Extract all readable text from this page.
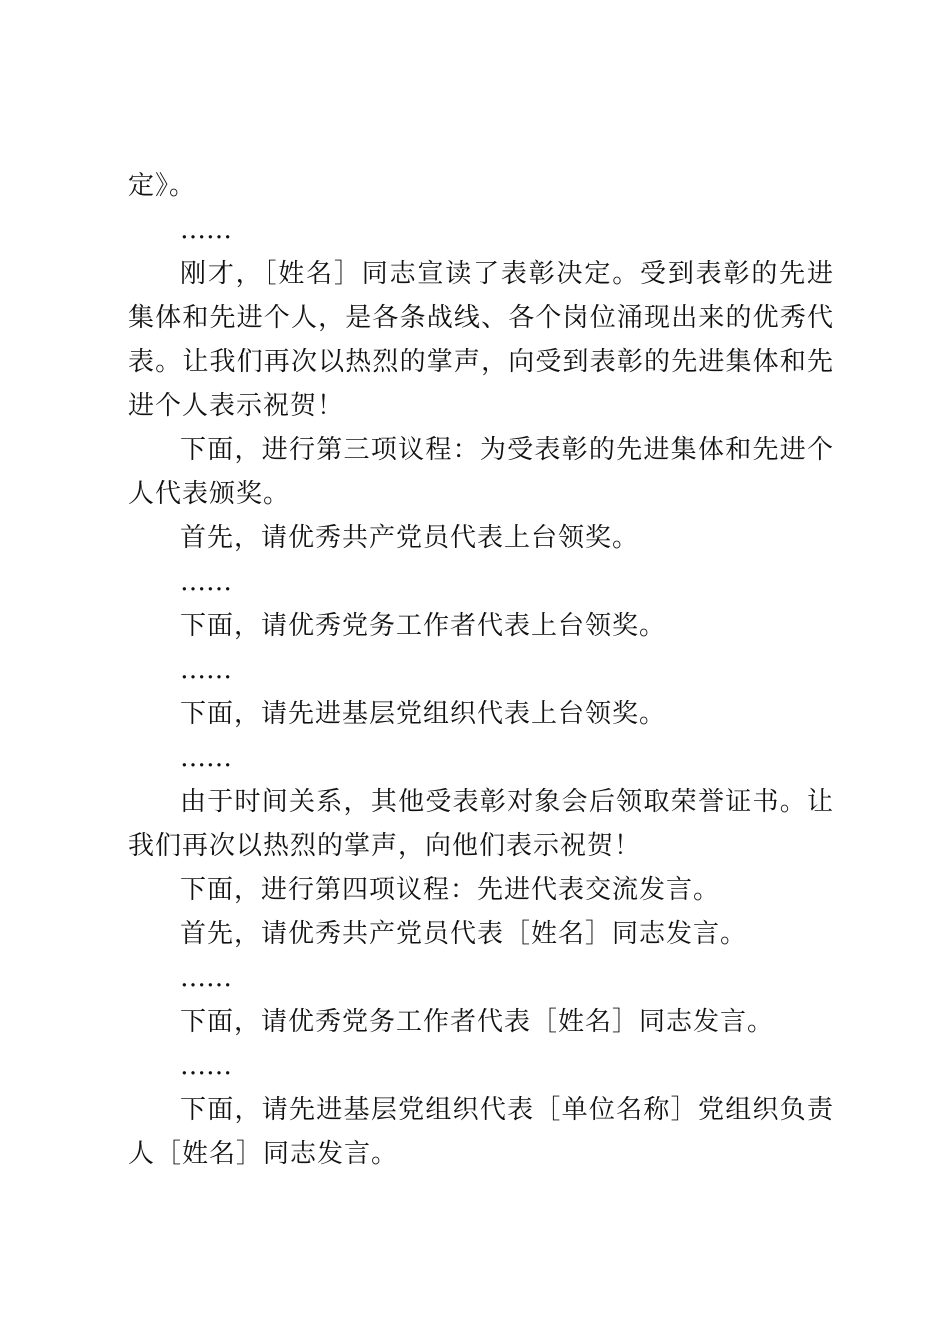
定》。

……

刚才，［姓名］同志宣读了表彰决定。受到表彰的先进集体和先进个人，是各条战线、各个岗位涌现出来的优秀代表。让我们再次以热烈的掌声，向受到表彰的先进集体和先进个人表示祝贺！

下面，进行第三项议程：为受表彰的先进集体和先进个人代表颁奖。

首先，请优秀共产党员代表上台领奖。

……

下面，请优秀党务工作者代表上台领奖。

……

下面，请先进基层党组织代表上台领奖。

……

由于时间关系，其他受表彰对象会后领取荣誉证书。让我们再次以热烈的掌声，向他们表示祝贺！

下面，进行第四项议程：先进代表交流发言。

首先，请优秀共产党员代表［姓名］同志发言。

……

下面，请优秀党务工作者代表［姓名］同志发言。

……

下面，请先进基层党组织代表［单位名称］党组织负责人［姓名］同志发言。
